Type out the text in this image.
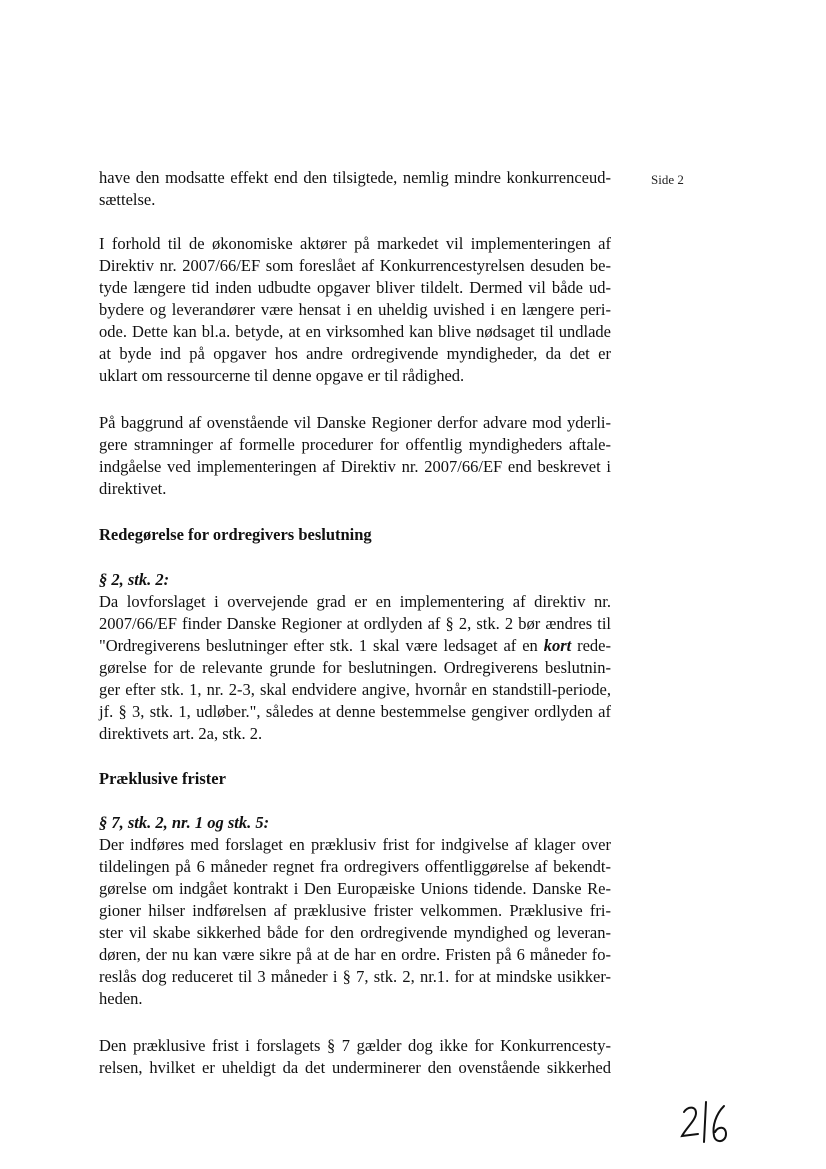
Side 2
have den modsatte effekt end den tilsigtede, nemlig mindre konkurrenceud-
sættelse.
I forhold til de økonomiske aktører på markedet vil implementeringen af
Direktiv nr. 2007/66/EF som foreslået af Konkurrencestyrelsen desuden be-
tyde længere tid inden udbudte opgaver bliver tildelt. Dermed vil både ud-
bydere og leverandører være hensat i en uheldig uvished i en længere peri-
ode. Dette kan bl.a. betyde, at en virksomhed kan blive nødsaget til undlade
at byde ind på opgaver hos andre ordregivende myndigheder, da det er
uklart om ressourcerne til denne opgave er til rådighed.
På baggrund af ovenstående vil Danske Regioner derfor advare mod yderli-
gere stramninger af formelle procedurer for offentlig myndigheders aftale-
indgåelse ved implementeringen af Direktiv nr. 2007/66/EF end beskrevet i
direktivet.

Redegørelse for ordregivers beslutning

§ 2, stk. 2:
Da lovforslaget i overvejende grad er en implementering af direktiv nr.
2007/66/EF finder Danske Regioner at ordlyden af § 2, stk. 2 bør ændres til
"Ordregiverens beslutninger efter stk. 1 skal være ledsaget af en kort rede-
gørelse for de relevante grunde for beslutningen. Ordregiverens beslutnin-
ger efter stk. 1, nr. 2-3, skal endvidere angive, hvornår en standstill-periode,
jf. § 3, stk. 1, udløber.", således at denne bestemmelse gengiver ordlyden af
direktivets art. 2a, stk. 2.

Præklusive frister

§ 7, stk. 2, nr. 1 og stk. 5:
Der indføres med forslaget en præklusiv frist for indgivelse af klager over
tildelingen på 6 måneder regnet fra ordregivers offentliggørelse af bekendt-
gørelse om indgået kontrakt i Den Europæiske Unions tidende. Danske Re-
gioner hilser indførelsen af præklusive frister velkommen. Præklusive fri-
ster vil skabe sikkerhed både for den ordregivende myndighed og leveran-
døren, der nu kan være sikre på at de har en ordre. Fristen på 6 måneder fo-
reslås dog reduceret til 3 måneder i § 7, stk. 2, nr.1. for at mindske usikker-
heden.
Den præklusive frist i forslagets § 7 gælder dog ikke for Konkurrencesty-
relsen, hvilket er uheldigt da det underminerer den ovenstående sikkerhed
